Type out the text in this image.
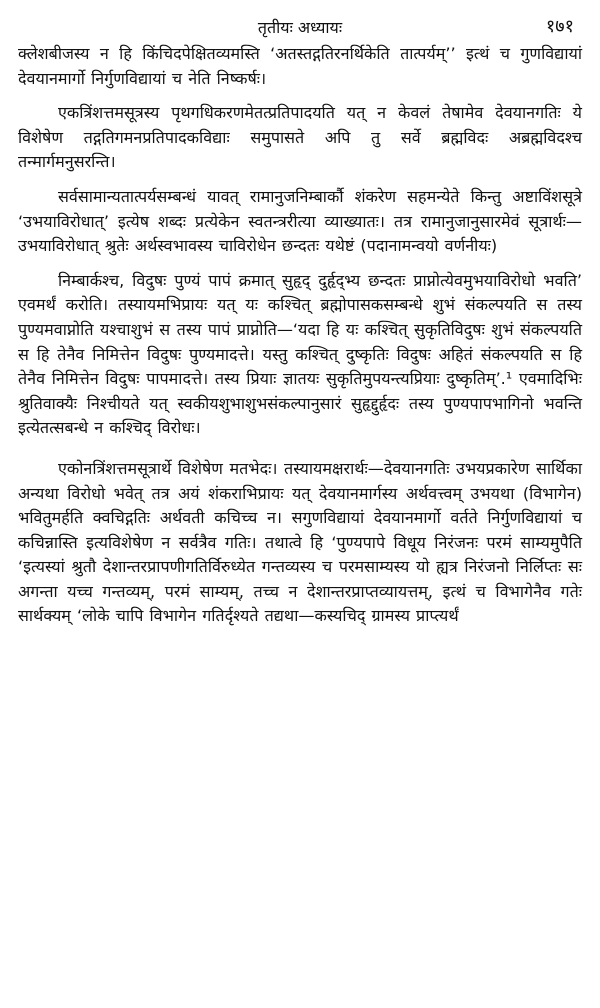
तृतीयः अध्यायः	१७१

क्लेशबीजस्य न हि किंचिदपेक्षितव्यमस्ति ‘अतस्तद्गतिरनर्थिकेति तात्पर्यम्’’ इत्थं च गुणविद्यायां देवयानमार्गो निर्गुणविद्यायां च नेति निष्कर्षः।

एकत्रिंशत्तमसूत्रस्य पृथगधिकरणमेतत्प्रतिपादयति यत् न केवलं तेषामेव देवयानगतिः ये विशेषेण तद्गतिगमनप्रतिपादकविद्याः समुपासते अपि तु सर्वे ब्रह्मविदः अब्रह्मविदश्च तन्मार्गमनुसरन्ति।

सर्वसामान्यतात्पर्यसम्बन्धं यावत् रामानुजनिम्बार्कौ शंकरेण सहमन्येते किन्तु अष्टाविंशसूत्रे ‘उभयाविरोधात्’ इत्येष शब्दः प्रत्येकेन स्वतन्त्ररीत्या व्याख्यातः। तत्र रामानुजानुसारमेवं सूत्रार्थः—उभयाविरोधात् श्रुतेः अर्थस्वभावस्य चाविरोधेन छन्दतः यथेष्टं (पदानामन्वयो वर्णनीयः)

निम्बार्कश्च, विदुषः पुण्यं पापं क्रमात् सुहृद् दुर्हृद्भ्य छन्दतः प्राप्नोत्येवमुभयाविरोधो भवति’ एवमर्थं करोति। तस्यायमभिप्रायः यत् यः कश्चित् ब्रह्मोपासकसम्बन्धे शुभं संकल्पयति स तस्य पुण्यमवाप्नोति यश्चाशुभं स तस्य पापं प्राप्नोति—‘यदा हि यः कश्चित् सुकृतिविदुषः शुभं संकल्पयति स हि तेनैव निमित्तेन विदुषः पुण्यमादत्ते। यस्तु कश्चित् दुष्कृतिः विदुषः अहितं संकल्पयति स हि तेनैव निमित्तेन विदुषः पापमादत्ते। तस्य प्रियाः ज्ञातयः सुकृतिमुपयन्त्यप्रियाः दुष्कृतिम्’.¹ एवमादिभिः श्रुतिवाक्यैः निश्चीयते यत् स्वकीयशुभाशुभसंकल्पानुसारं सुहृद्दुर्हृदः तस्य पुण्यपापभागिनो भवन्ति इत्येतत्सबन्धे न कश्चिद् विरोधः।

एकोनत्रिंशत्तमसूत्रार्थे विशेषेण मतभेदः। तस्यायमक्षरार्थः—देवयानगतिः उभयप्रकारेण सार्थिका अन्यथा विरोधो भवेत् तत्र अयं शंकराभिप्रायः यत् देवयानमार्गस्य अर्थवत्त्वम् उभयथा (विभागेन) भवितुमर्हति क्वचिद्गतिः अर्थवती कचिच्च न। सगुणविद्यायां देवयानमार्गो वर्तते निर्गुणविद्यायां च कचिन्नास्ति इत्यविशेषेण न सर्वत्रैव गतिः। तथात्वे हि ‘पुण्यपापे विधूय निरंजनः परमं साम्यमुपैति ‘इत्यस्यां श्रुतौ देशान्तरप्रापणीगतिर्विरुध्येत गन्तव्यस्य च परमसाम्यस्य यो ह्यत्र निरंजनो निर्लिप्तः सः अगन्ता यच्च गन्तव्यम्, परमं साम्यम्, तच्च न देशान्तरप्राप्तव्यायत्तम्, इत्थं च विभागेनैव गतेः सार्थक्यम् ‘लोके चापि विभागेन गतिर्दृश्यते तद्यथा—कस्यचिद् ग्रामस्य प्राप्त्यर्थं
